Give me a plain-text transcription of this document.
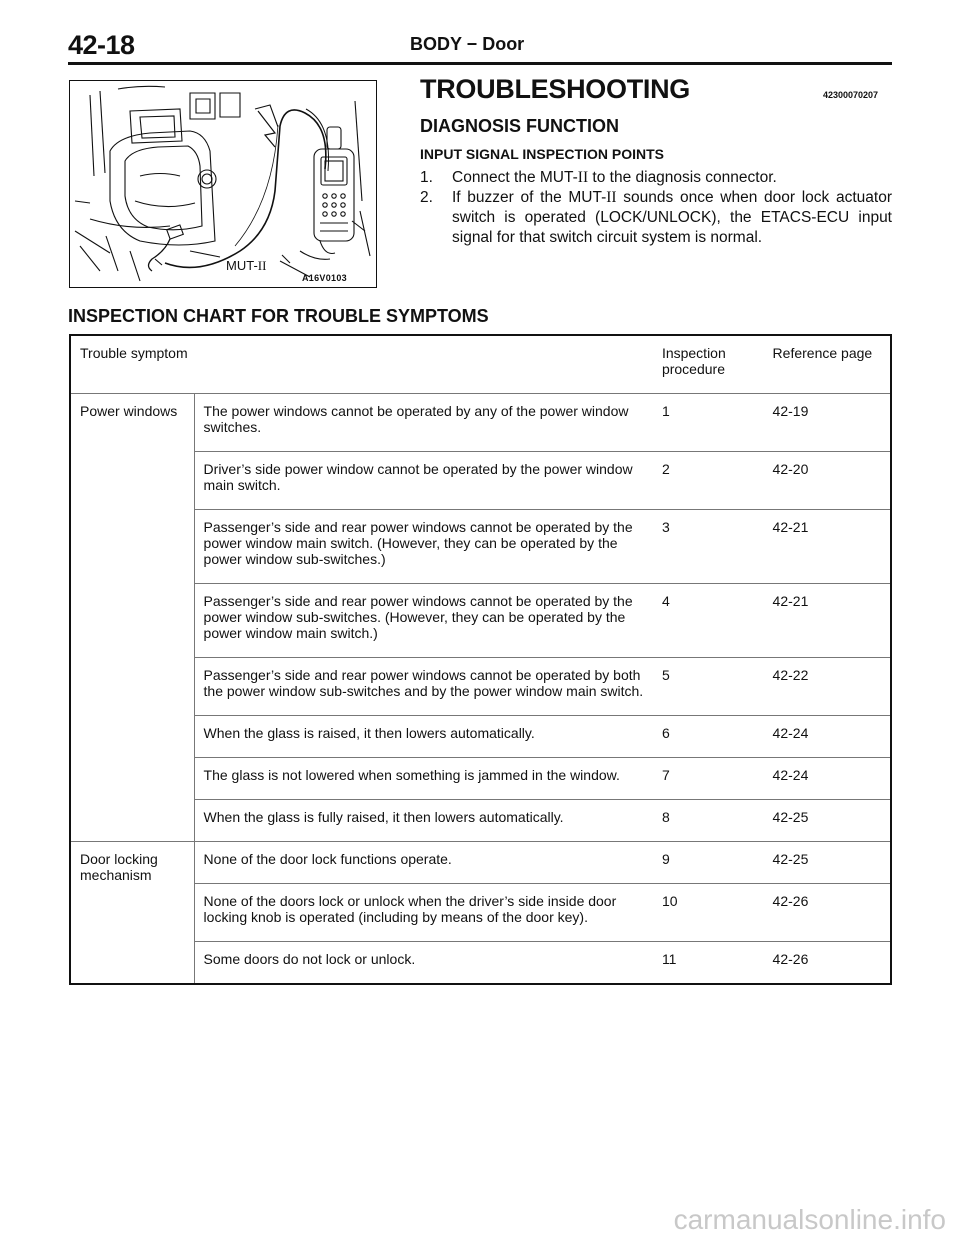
42-18	BODY − Door
MUT-II
A16V0103
TROUBLESHOOTING	42300070207
DIAGNOSIS FUNCTION
INPUT SIGNAL INSPECTION POINTS
1.	Connect the MUT-II to the diagnosis connector.
2.	If buzzer of the MUT-II sounds once when door lock actuator switch is operated (LOCK/UNLOCK), the ETACS-ECU input signal for that switch circuit system is normal.
INSPECTION CHART FOR TROUBLE SYMPTOMS
Trouble symptom		Inspection procedure	Reference page
Power windows	The power windows cannot be operated by any of the power window switches.	1	42-19
	Driver’s side power window cannot be operated by the power window main switch.	2	42-20
	Passenger’s side and rear power windows cannot be operated by the power window main switch. (However, they can be operated by the power window sub-switches.)	3	42-21
	Passenger’s side and rear power windows cannot be operated by the power window sub-switches. (However, they can be operated by the power window main switch.)	4	42-21
	Passenger’s side and rear power windows cannot be operated by both the power window sub-switches and by the power window main switch.	5	42-22
	When the glass is raised, it then lowers automatically.	6	42-24
	The glass is not lowered when something is jammed in the window.	7	42-24
	When the glass is fully raised, it then lowers automatically.	8	42-25
Door locking mechanism	None of the door lock functions operate.	9	42-25
	None of the doors lock or unlock when the driver’s side inside door locking knob is operated (including by means of the door key).	10	42-26
	Some doors do not lock or unlock.	11	42-26
carmanualsonline.info
